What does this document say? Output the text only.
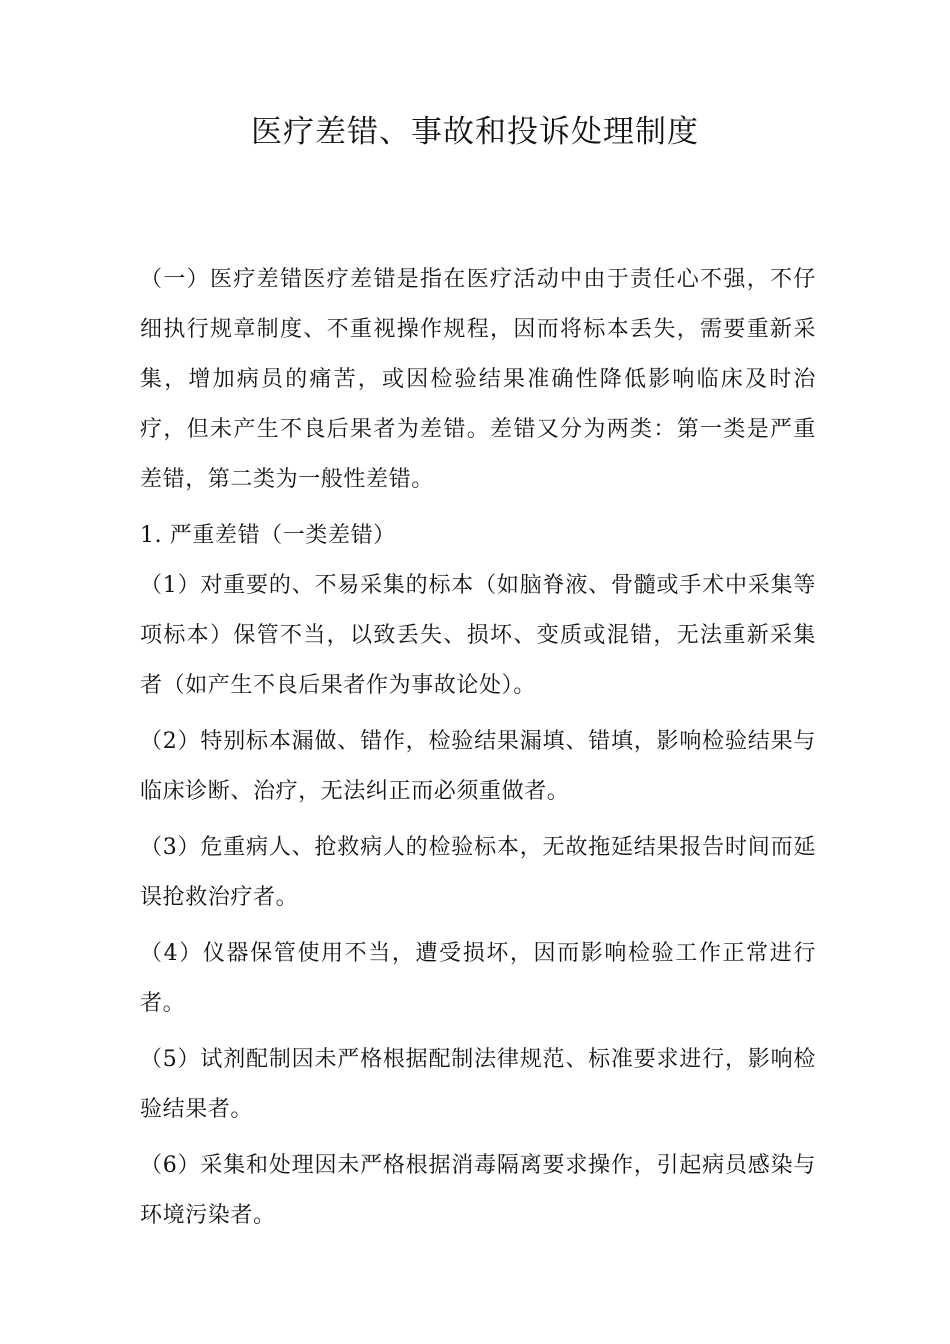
医疗差错、事故和投诉处理制度

（一）医疗差错医疗差错是指在医疗活动中由于责任心不强，不仔细执行规章制度、不重视操作规程，因而将标本丢失，需要重新采集，增加病员的痛苦，或因检验结果准确性降低影响临床及时治疗，但未产生不良后果者为差错。差错又分为两类：第一类是严重差错，第二类为一般性差错。

1. 严重差错（一类差错）

（1）对重要的、不易采集的标本（如脑脊液、骨髓或手术中采集等项标本）保管不当，以致丢失、损坏、变质或混错，无法重新采集者（如产生不良后果者作为事故论处）。

（2）特别标本漏做、错作，检验结果漏填、错填，影响检验结果与临床诊断、治疗，无法纠正而必须重做者。

（3）危重病人、抢救病人的检验标本，无故拖延结果报告时间而延误抢救治疗者。

（4）仪器保管使用不当，遭受损坏，因而影响检验工作正常进行者。

（5）试剂配制因未严格根据配制法律规范、标准要求进行，影响检验结果者。

（6）采集和处理因未严格根据消毒隔离要求操作，引起病员感染与环境污染者。
